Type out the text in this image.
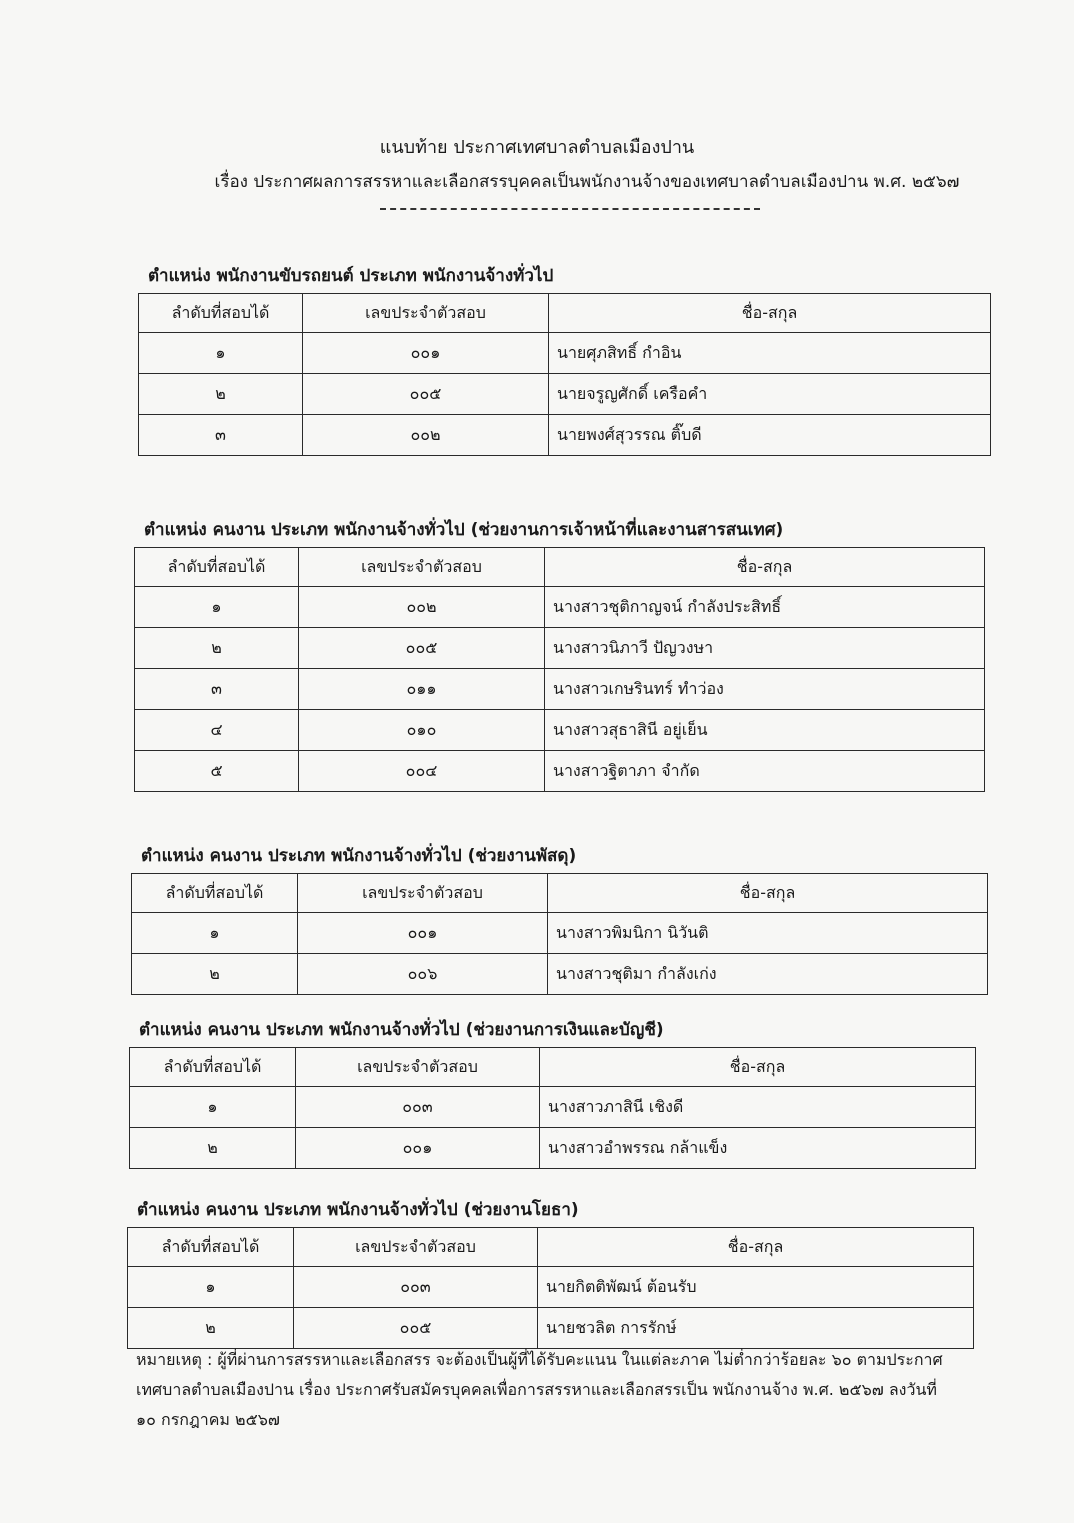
แนบท้าย ประกาศเทศบาลตำบลเมืองปาน
เรื่อง ประกาศผลการสรรหาและเลือกสรรบุคคลเป็นพนักงานจ้างของเทศบาลตำบลเมืองปาน พ.ศ. ๒๕๖๗
ตำแหน่ง พนักงานขับรถยนต์ ประเภท พนักงานจ้างทั่วไป
ลำดับที่สอบได้	เลขประจำตัวสอบ	ชื่อ-สกุล
๑	๐๐๑	นายศุภสิทธิ์ กำอิน
๒	๐๐๕	นายจรูญศักดิ์ เครือคำ
๓	๐๐๒	นายพงศ์สุวรรณ ติ๊บดี
ตำแหน่ง คนงาน ประเภท พนักงานจ้างทั่วไป (ช่วยงานการเจ้าหน้าที่และงานสารสนเทศ)
ลำดับที่สอบได้	เลขประจำตัวสอบ	ชื่อ-สกุล
๑	๐๐๒	นางสาวชุติกาญจน์ กำลังประสิทธิ์
๒	๐๐๕	นางสาวนิภาวี ปัญวงษา
๓	๐๑๑	นางสาวเกษรินทร์ ทำว่อง
๔	๐๑๐	นางสาวสุธาสินี อยู่เย็น
๕	๐๐๔	นางสาวฐิตาภา จำกัด
ตำแหน่ง คนงาน ประเภท พนักงานจ้างทั่วไป (ช่วยงานพัสดุ)
ลำดับที่สอบได้	เลขประจำตัวสอบ	ชื่อ-สกุล
๑	๐๐๑	นางสาวพิมนิกา นิวันติ
๒	๐๐๖	นางสาวชุติมา กำลังเก่ง
ตำแหน่ง คนงาน ประเภท พนักงานจ้างทั่วไป (ช่วยงานการเงินและบัญชี)
ลำดับที่สอบได้	เลขประจำตัวสอบ	ชื่อ-สกุล
๑	๐๐๓	นางสาวภาสินี เชิงดี
๒	๐๐๑	นางสาวอำพรรณ กล้าแข็ง
ตำแหน่ง คนงาน ประเภท พนักงานจ้างทั่วไป (ช่วยงานโยธา)
ลำดับที่สอบได้	เลขประจำตัวสอบ	ชื่อ-สกุล
๑	๐๐๓	นายกิตติพัฒน์ ต้อนรับ
๒	๐๐๕	นายชวลิต การรักษ์
หมายเหตุ : ผู้ที่ผ่านการสรรหาและเลือกสรร จะต้องเป็นผู้ที่ได้รับคะแนน ในแต่ละภาค ไม่ต่ำกว่าร้อยละ ๖๐ ตามประกาศ เทศบาลตำบลเมืองปาน เรื่อง ประกาศรับสมัครบุคคลเพื่อการสรรหาและเลือกสรรเป็น พนักงานจ้าง พ.ศ. ๒๕๖๗ ลงวันที่ ๑๐ กรกฎาคม ๒๕๖๗
